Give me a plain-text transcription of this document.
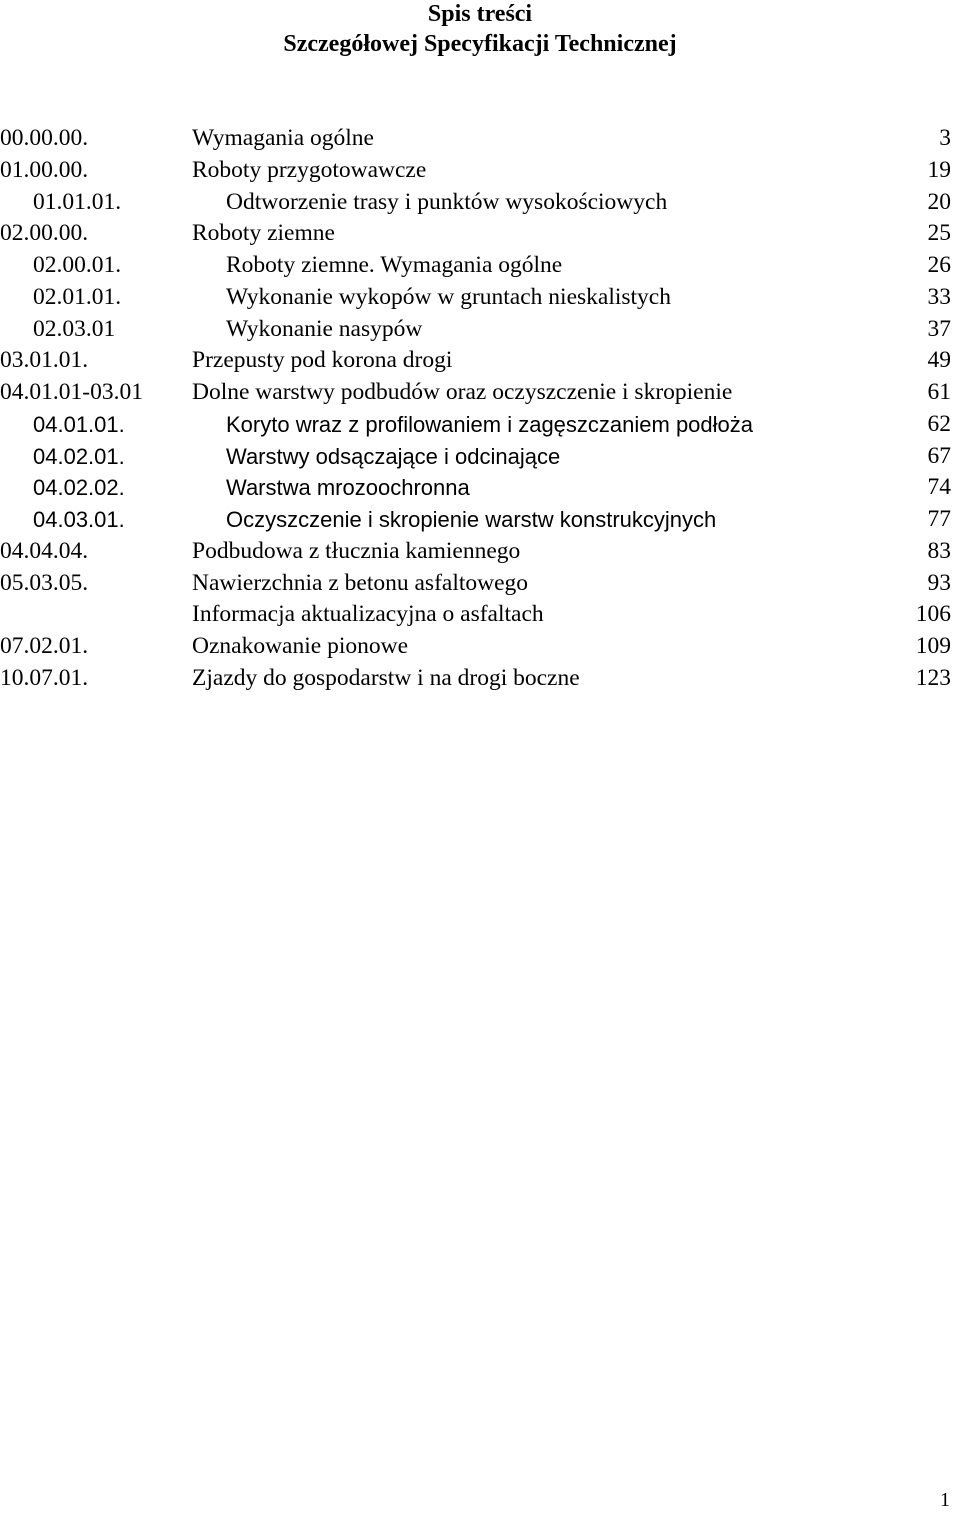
Spis treści
Szczegółowej Specyfikacji Technicznej
00.00.00.	Wymagania ogólne	3
01.00.00.	Roboty przygotowawcze	19
01.01.01.	Odtworzenie trasy i punktów wysokościowych	20
02.00.00.	Roboty ziemne	25
02.00.01.	Roboty ziemne. Wymagania ogólne	26
02.01.01.	Wykonanie wykopów w gruntach nieskalistych	33
02.03.01	Wykonanie nasypów	37
03.01.01.	Przepusty pod korona drogi	49
04.01.01-03.01 Dolne warstwy podbudów oraz oczyszczenie i skropienie	61
04.01.01.	Koryto wraz z profilowaniem i zagęszczaniem podłoża	62
04.02.01.	Warstwy odsączające i odcinające	67
04.02.02.	Warstwa mrozoochronna	74
04.03.01.	Oczyszczenie i skropienie warstw konstrukcyjnych	77
04.04.04.	Podbudowa z tłucznia kamiennego	83
05.03.05.	Nawierzchnia z betonu asfaltowego	93
Informacja aktualizacyjna o asfaltach	106
07.02.01.	Oznakowanie pionowe	109
10.07.01.	Zjazdy do gospodarstw i na drogi boczne	123
1
